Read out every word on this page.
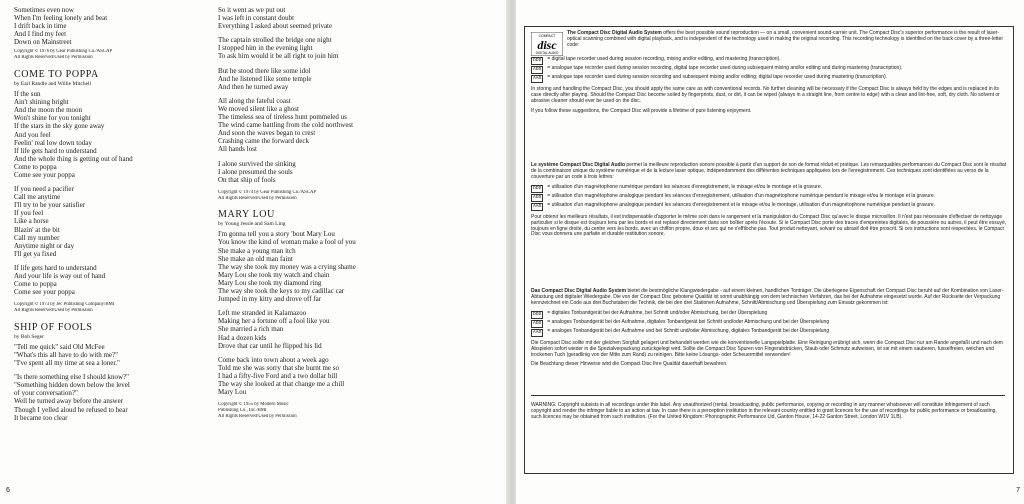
Sometimes even now
When I'm feeling lonely and beat
I drift back in time
And I find my feet
Down on Mainstreet
Copyright © 1976 by Gear Publishing Co./ASCAP
All Rights Reserved/Used by Permission
COME TO POPPA
by Earl Randle and Willie Mitchell
If the sun
Ain't shining bright
And the moon the moon
Won't shine for you tonight
If the stars in the sky gone away
And you feel
Feelin' real low down today
If life gets hard to understand
And the whole thing is getting out of hand
Come to poppa
Come see your poppa
If you need a pacifier
Call me anytime
I'll try to be your satisfier
If you feel
Like a horse
Blazin' at the bit
Call my number
Anytime night or day
I'll get ya fixed
If life gets hard to understand
And your life is way out of hand
Come to poppa
Come see your poppa
Copyright © 1973 by Jec Publishing Company/BMI
All Rights Reserved/Used by Permission
SHIP OF FOOLS
by Bob Seger
"Tell me quick" said Old McFee
"What's this all have to do with me?"
"I've spent all my time at sea a loner."
"Is there something else I should know?"
"Something hidden down below the level
of your conversation?"
Well he turned away before the answer
Though I yelled aloud he refused to hear
It became too clear
So it went as we put out
I was left in constant doubt
Everything I asked about seemed private
The captain strolled the bridge one night
I stopped him in the evening light
To ask him would it be all right to join him
But he stood there like some idol
And he listened like some temple
And then he turned away
All along the fateful coast
We moved silent like a ghost
The timeless sea of tireless hunt pommeled us
The wind came battling from the cold northwest
And soon the waves began to crest
Crashing came the forward deck
All hands lost
I alone survived the sinking
I alone presumed the souls
On that ship of fools
Copyright © 1974 by Gear Publishing Co./ASCAP
All Rights Reserved/Used by Permission
MARY LOU
by Young Jessie and Sam Ling
I'm gonna tell you a story 'bout Mary Lou
You know the kind of woman make a fool of you
She make a young man itch
She make an old man faint
The way she took my money was a crying shame
Mary Lou she took my watch and chain
Mary Lou she took my diamond ring
The way she took the keys to my cadillac car
Jumped in my kitty and drove off far
Left me stranded in Kalamazoo
Making her a fortune off a fool like you
She married a rich man
Had a dozen kids
Drove that car until he flipped his lid
Come back into town about a week ago
Told me she was sorry that she burnt me so
I had a fifty-five Ford and a two dollar bill
The way she looked at that change me a chill
Mary Lou
Copyright © 1955 by Modern Music
Publishing Co., Inc./BMI
All Rights Reserved/Used by Permission
6
COMPACT
disc
DIGITAL AUDIO
The Compact Disc Digital Audio System offers the best possible sound reproduction — on a small, convenient sound-carrier unit. The Compact Disc's superior performance is the result of laser-optical scanning combined with digital playback, and is independent of the technology used in making the original recording. This recording technology is identified on the back cover by a three-letter code:
DDD	= digital tape recorder used during session recording, mixing and/or editing, and mastering (transcription).
ADD	= analogue tape recorder used during session recording, digital tape recorder used during subsequent mixing and/or editing and during mastering (transcription).
AAD	= analogue tape recorder used during session recording and subsequent mixing and/or editing; digital tape recorder used during mastering (transcription).
In storing and handling the Compact Disc, you should apply the same care as with conventional records. No further cleaning will be necessary if the Compact Disc is always held by the edges and is replaced in its case directly after playing. Should the Compact Disc become soiled by fingerprints, dust, or dirt, it can be wiped (always in a straight line, from centre to edge) with a clean and lint-free, soft, dry cloth. No solvent or abrasive cleaner should ever be used on the disc.
If you follow these suggestions, the Compact Disc will provide a lifetime of pure listening enjoyment.
Le système Compact Disc Digital Audio permet la meilleure reproduction sonore possible à partir d'un support de son de format réduit et pratique. Les remarquables performances du Compact Disc sont le résultat de la combinaison unique du système numérique et de la lecture laser optique, indépendamment des différentes techniques appliquées lors de l'enregistrement. Ces techniques sont identifiées au verso de la couverture par un code à trois lettres:
DDD	= utilisation d'un magnétophone numérique pendant les séances d'enregistrement, le mixage et/ou le montage et la gravure.
ADD	= utilisation d'un magnétophone analogique pendant les séances d'enregistrement, utilisation d'un magnétophone numérique pendant le mixage et/ou le montage et la gravure.
AAD	= utilisation d'un magnétophone analogique pendant les séances d'enregistrement et le mixage et/ou le montage, utilisation d'un magnétophone numérique pendant la gravure.
Pour obtenir les meilleurs résultats, il est indispensable d'apporter le même soin dans le rangement et la manipulation du Compact Disc qu'avec le disque microsillon. Il n'est pas nécessaire d'effectuer de nettoyage particulier si le disque est toujours tenu par les bords et est replacé directement dans son boîtier après l'écoute. Si le Compact Disc porte des traces d'empreintes digitales, de poussière ou autres, il peut être essuyé, toujours en ligne droite, du centre vers les bords, avec un chiffon propre, doux et sec qui ne s'effiloche pas. Tout produit nettoyant, solvant ou abrasif doit être proscrit. Si ces instructions sont respectées, le Compact Disc vous donnera une parfaite et durable restitution sonore.
Das Compact Disc Digital Audio System bietet die bestmögliche Klangwiedergabe - auf einem kleinen, handlichen Tonträger. Die überlegene Eigenschaft der Compact Disc beruht auf der Kombination von Laser-Abtastung und digitaler Wiedergabe. Die von der Compact Disc gebotene Qualität ist somit unabhängig von dem technischen Verfahren, das bei der Aufnahme eingesetzt wurde. Auf der Rückseite der Verpackung kennzeichnet ein Code aus drei Buchstaben die Technik, die bei den drei Stationen Aufnahme, Schnitt/Abmischung und Überspielung zum Einsatz gekommen ist:
DDD	= digitales Tonbandgerät bei der Aufnahme, bei Schnitt und/oder Abmischung, bei der Überspielung
ADD	= analoges Tonbandgerät bei der Aufnahme, digitales Tonbandgerät bei Schnitt und/oder Abmischung und bei der Überspielung
AAD	= analoges Tonbandgerät bei der Aufnahme und bei Schnitt und/oder Abmischung, digitales Tonbandgerät bei der Überspielung
Die Compact Disc sollte mit der gleichen Sorgfalt gelagert und behandelt werden wie die konventionelle Langspielplatte. Eine Reinigung erübrigt sich, wenn die Compact Disc nur am Rande angefaßt und nach dem Abspielen sofort wieder in die Spezialverpackung zurückgelegt wird. Sollte die Compact Disc Spuren von Fingerabdrücken, Staub oder Schmutz aufweisen, ist sie mit einem sauberen, fusselfreien, weichen und trockenen Tuch (geradlinig von der Mitte zum Rand) zu reinigen. Bitte keine Lösungs- oder Scheuermittel verwenden!
Die Beachtung dieser Hinweise wird die Compact Disc Ihre Qualität dauerhaft bewahren.
WARNING: Copyright subsists in all recordings under this label. Any unauthorized (rental, broadcasting, public performance, copying or recording in any manner whatsoever will constitute infringement of such copyright and render the infringer liable to an action at law. In case there is a perception institution in the relevant country entitled to grant licences for the use of recordings for public performance or broadcasting, such licences may be obtained from such institution. (For the United Kingdom: Phonographic Performance Ltd, Ganton House, 14-22 Ganton Street, London W1V 1LB).
7
